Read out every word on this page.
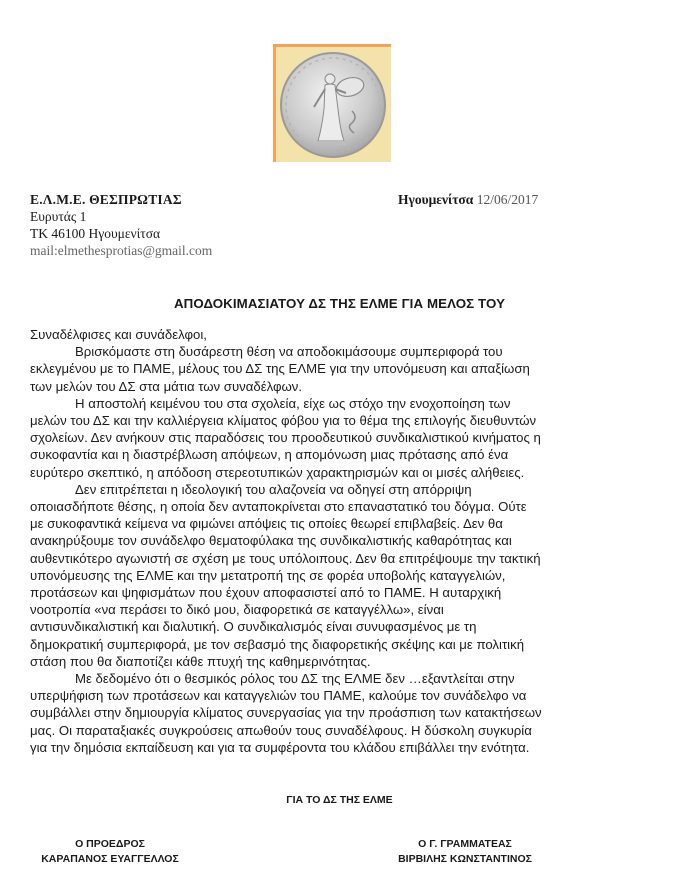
Ε.Λ.Μ.Ε. ΘΕΣΠΡΩΤΙΑΣ
Ευρυτάς 1
ΤΚ 46100 Ηγουμενίτσα
mail:elmethesprotias@gmail.com
Ηγουμενίτσα 12/06/2017
ΑΠΟΔΟΚΙΜΑΣΙΑΤΟΥ ΔΣ ΤΗΣ ΕΛΜΕ ΓΙΑ ΜΕΛΟΣ ΤΟΥ
Συναδέλφισες και συνάδελφοι,
Βρισκόμαστε στη δυσάρεστη θέση να αποδοκιμάσουμε συμπεριφορά του
εκλεγμένου με το ΠΑΜΕ, μέλους του ΔΣ της ΕΛΜΕ για την υπονόμευση και απαξίωση
των μελών του ΔΣ στα μάτια των συναδέλφων.
Η αποστολή κειμένου του στα σχολεία, είχε ως στόχο την ενοχοποίηση των
μελών του ΔΣ και την καλλιέργεια κλίματος φόβου για το θέμα της επιλογής διευθυντών
σχολείων. Δεν ανήκουν στις παραδόσεις του προοδευτικού συνδικαλιστικού κινήματος η
συκοφαντία και η διαστρέβλωση απόψεων, η απομόνωση μιας πρότασης από ένα
ευρύτερο σκεπτικό, η απόδοση στερεοτυπικών χαρακτηρισμών και οι μισές αλήθειες.
Δεν επιτρέπεται η ιδεολογική του αλαζονεία να οδηγεί στη απόρριψη
οποιασδήποτε θέσης, η οποία δεν ανταποκρίνεται στο επαναστατικό του δόγμα. Ούτε
με συκοφαντικά κείμενα να φιμώνει απόψεις τις οποίες θεωρεί επιβλαβείς. Δεν θα
ανακηρύξουμε τον συνάδελφο θεματοφύλακα της συνδικαλιστικής καθαρότητας και
αυθεντικότερο αγωνιστή σε σχέση με τους υπόλοιπους. Δεν θα επιτρέψουμε την τακτική
υπονόμευσης της ΕΛΜΕ και την μετατροπή της σε φορέα υποβολής καταγγελιών,
προτάσεων και ψηφισμάτων που έχουν αποφασιστεί από το ΠΑΜΕ. Η αυταρχική
νοοτροπία «να περάσει το δικό μου, διαφορετικά σε καταγγέλλω», είναι
αντισυνδικαλιστική και διαλυτική. Ο συνδικαλισμός είναι συνυφασμένος με τη
δημοκρατική συμπεριφορά, με τον σεβασμό της διαφορετικής σκέψης και με πολιτική
στάση που θα διαποτίζει κάθε πτυχή της καθημερινότητας.
Με δεδομένο ότι ο θεσμικός ρόλος του ΔΣ της ΕΛΜΕ δεν …εξαντλείται στην
υπερψήφιση των προτάσεων και καταγγελιών του ΠΑΜΕ, καλούμε τον συνάδελφο να
συμβάλλει στην δημιουργία κλίματος συνεργασίας για την προάσπιση των κατακτήσεων
μας. Οι παραταξιακές συγκρούσεις απωθούν τους συναδέλφους. Η δύσκολη συγκυρία
για την δημόσια εκπαίδευση και για τα συμφέροντα του κλάδου επιβάλλει την ενότητα.
ΓΙΑ ΤΟ ΔΣ ΤΗΣ ΕΛΜΕ
Ο ΠΡΟΕΔΡΟΣ
ΚΑΡΑΠΑΝΟΣ ΕΥΑΓΓΕΛΛΟΣ
Ο Γ. ΓΡΑΜΜΑΤΕΑΣ
ΒΙΡΒΙΛΗΣ ΚΩΝΣΤΑΝΤΙΝΟΣ
